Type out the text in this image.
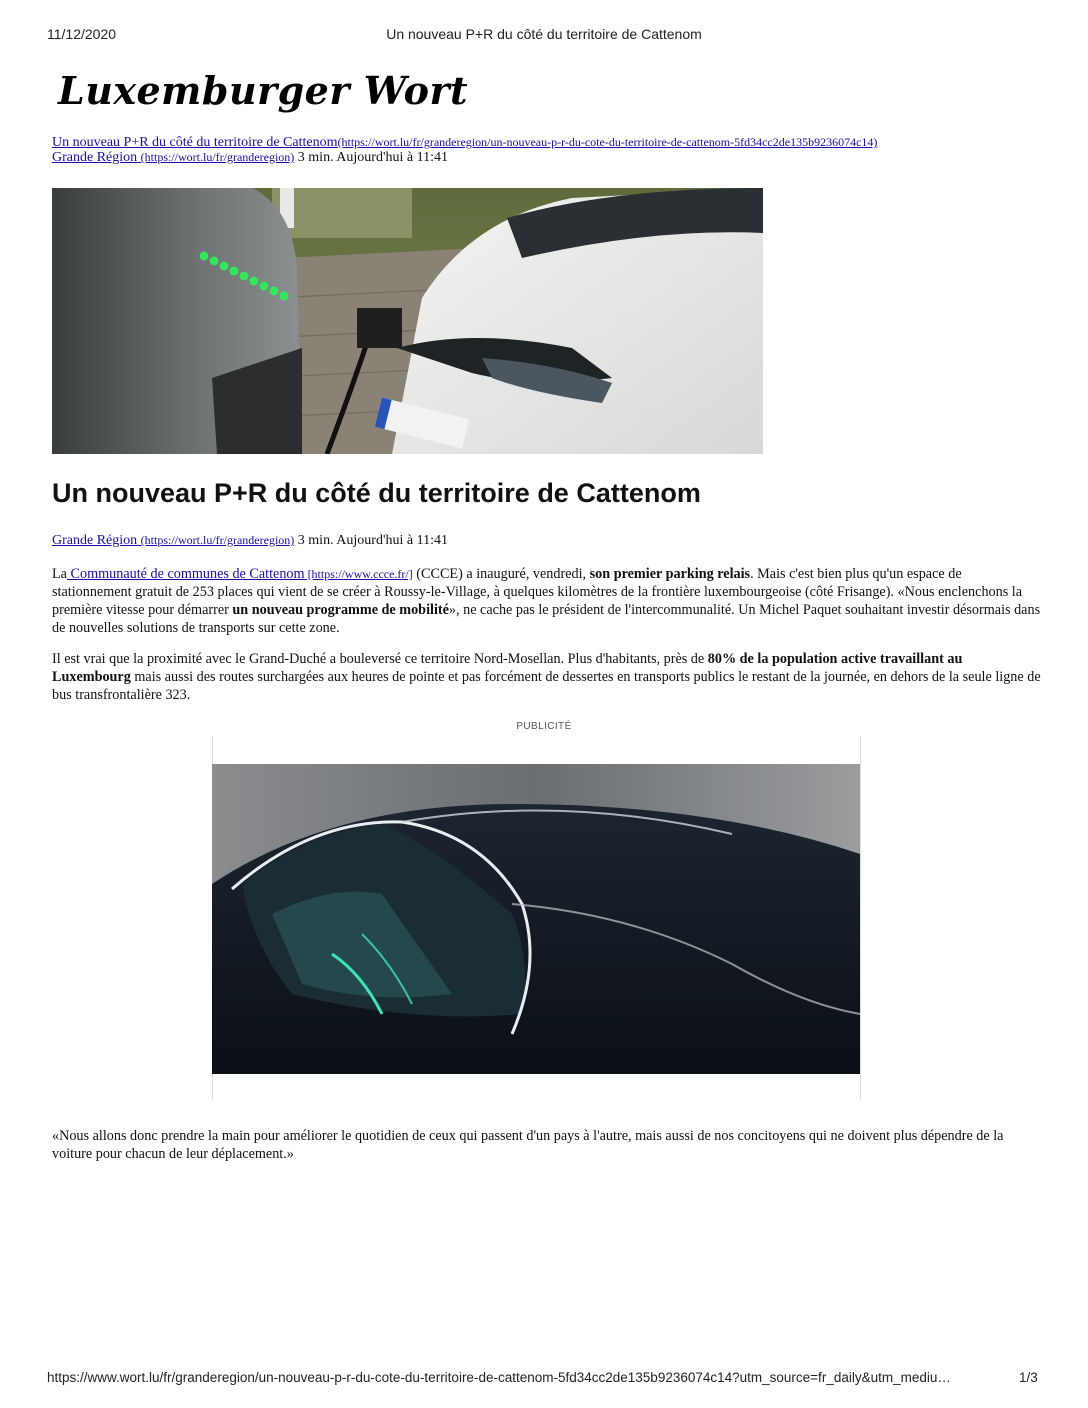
11/12/2020	Un nouveau P+R du côté du territoire de Cattenom
Luxemburger Wort
Un nouveau P+R du côté du territoire de Cattenom(https://wort.lu/fr/granderegion/un-nouveau-p-r-du-cote-du-territoire-de-cattenom-5fd34cc2de135b9236074c14)
Grande Région (https://wort.lu/fr/granderegion) 3 min. Aujourd'hui à 11:41
Un nouveau P+R du côté du territoire de Cattenom
Grande Région (https://wort.lu/fr/granderegion) 3 min. Aujourd'hui à 11:41

La Communauté de communes de Cattenom [https://www.ccce.fr/] (CCCE) a inauguré, vendredi, son premier parking relais. Mais c'est bien plus qu'un espace de stationnement gratuit de 253 places qui vient de se créer à Roussy-le-Village, à quelques kilomètres de la frontière luxembourgeoise (côté Frisange). «Nous enclenchons la première vitesse pour démarrer un nouveau programme de mobilité», ne cache pas le président de l'intercommunalité. Un Michel Paquet souhaitant investir désormais dans de nouvelles solutions de transports sur cette zone.

Il est vrai que la proximité avec le Grand-Duché a bouleversé ce territoire Nord-Mosellan. Plus d'habitants, près de 80% de la population active travaillant au Luxembourg mais aussi des routes surchargées aux heures de pointe et pas forcément de dessertes en transports publics le restant de la journée, en dehors de la seule ligne de bus transfrontalière 323.

PUBLICITÉ

«Nous allons donc prendre la main pour améliorer le quotidien de ceux qui passent d'un pays à l'autre, mais aussi de nos concitoyens qui ne doivent plus dépendre de la voiture pour chacun de leur déplacement.»

https://www.wort.lu/fr/granderegion/un-nouveau-p-r-du-cote-du-territoire-de-cattenom-5fd34cc2de135b9236074c14?utm_source=fr_daily&utm_mediu…	1/3
